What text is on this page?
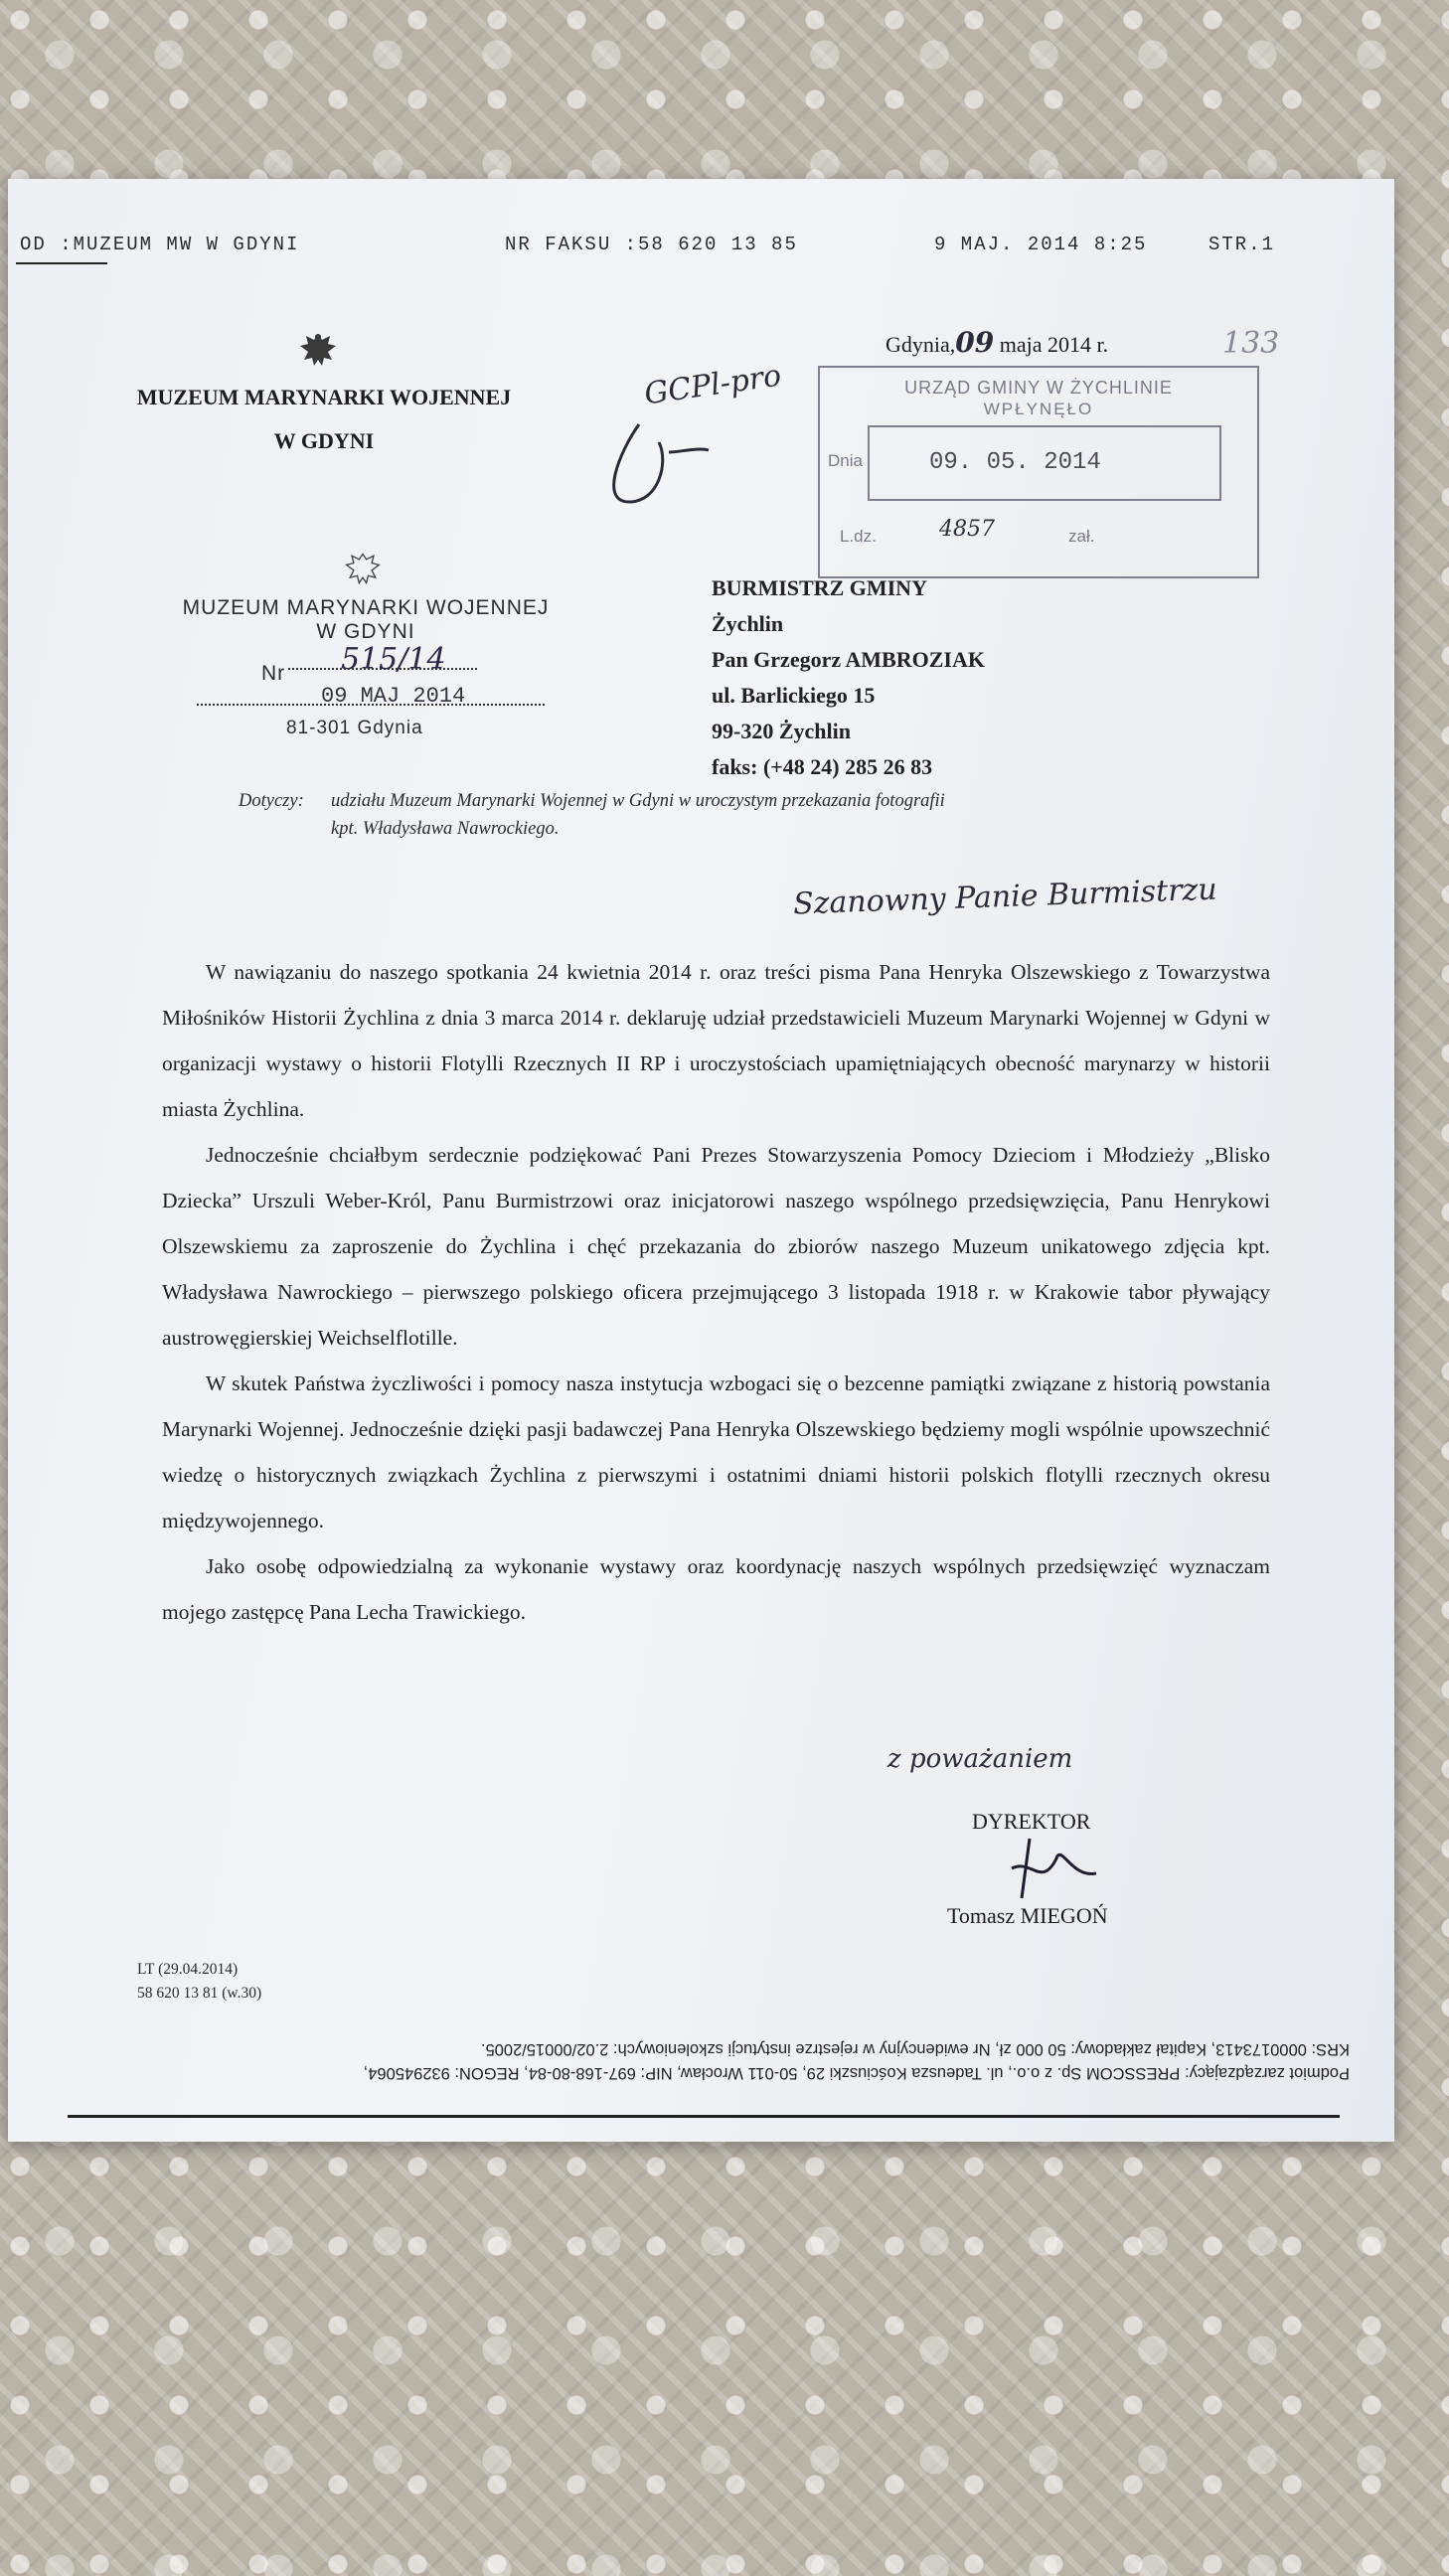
OD :MUZEUM MW W GDYNI	NR FAKSU :58 620 13 85	9 MAJ. 2014 8:25	STR.1
MUZEUM MARYNARKI WOJENNEJ
W GDYNI
GCPl-pro
Gdynia,09 maja 2014 r.	133
URZĄD GMINY W ŻYCHLINIE
WPŁYNĘŁO
Dnia	09. 05. 2014
L.dz.	4857	zał.
MUZEUM MARYNARKI WOJENNEJ
W GDYNI
Nr 515/14
09 MAJ 2014
81-301 Gdynia
BURMISTRZ GMINY
Żychlin
Pan Grzegorz AMBROZIAK
ul. Barlickiego 15
99-320 Żychlin
faks: (+48 24) 285 26 83
Dotyczy: udziału Muzeum Marynarki Wojennej w Gdyni w uroczystym przekazania fotografii
kpt. Władysława Nawrockiego.
Szanowny Panie Burmistrzu

W nawiązaniu do naszego spotkania 24 kwietnia 2014 r. oraz treści pisma Pana Henryka Olszewskiego z Towarzystwa Miłośników Historii Żychlina z dnia 3 marca 2014 r. deklaruję udział przedstawicieli Muzeum Marynarki Wojennej w Gdyni w organizacji wystawy o historii Flotylli Rzecznych II RP i uroczystościach upamiętniających obecność marynarzy w historii miasta Żychlina.

Jednocześnie chciałbym serdecznie podziękować Pani Prezes Stowarzyszenia Pomocy Dzieciom i Młodzieży „Blisko Dziecka” Urszuli Weber-Król, Panu Burmistrzowi oraz inicjatorowi naszego wspólnego przedsięwzięcia, Panu Henrykowi Olszewskiemu za zaproszenie do Żychlina i chęć przekazania do zbiorów naszego Muzeum unikatowego zdjęcia kpt. Władysława Nawrockiego – pierwszego polskiego oficera przejmującego 3 listopada 1918 r. w Krakowie tabor pływający austrowęgierskiej Weichselflotille.

W skutek Państwa życzliwości i pomocy nasza instytucja wzbogaci się o bezcenne pamiątki związane z historią powstania Marynarki Wojennej. Jednocześnie dzięki pasji badawczej Pana Henryka Olszewskiego będziemy mogli wspólnie upowszechnić wiedzę o historycznych związkach Żychlina z pierwszymi i ostatnimi dniami historii polskich flotylli rzecznych okresu międzywojennego.

Jako osobę odpowiedzialną za wykonanie wystawy oraz koordynację naszych wspólnych przedsięwzięć wyznaczam mojego zastępcę Pana Lecha Trawickiego.

z poważaniem
DYREKTOR
Tomasz MIEGOŃ
LT (29.04.2014)
58 620 13 81 (w.30)
Podmiot zarządzający: PRESSCOM Sp. z o.o., ul. Tadeusza Kościuszki 29, 50-011 Wrocław, NIP: 697-168-80-84, REGON: 932945064,
KRS: 0000173413, Kapitał zakładowy: 50 000 zł, Nr ewidencyjny w rejestrze instytucji szkoleniowych: 2.02/00015/2005.
